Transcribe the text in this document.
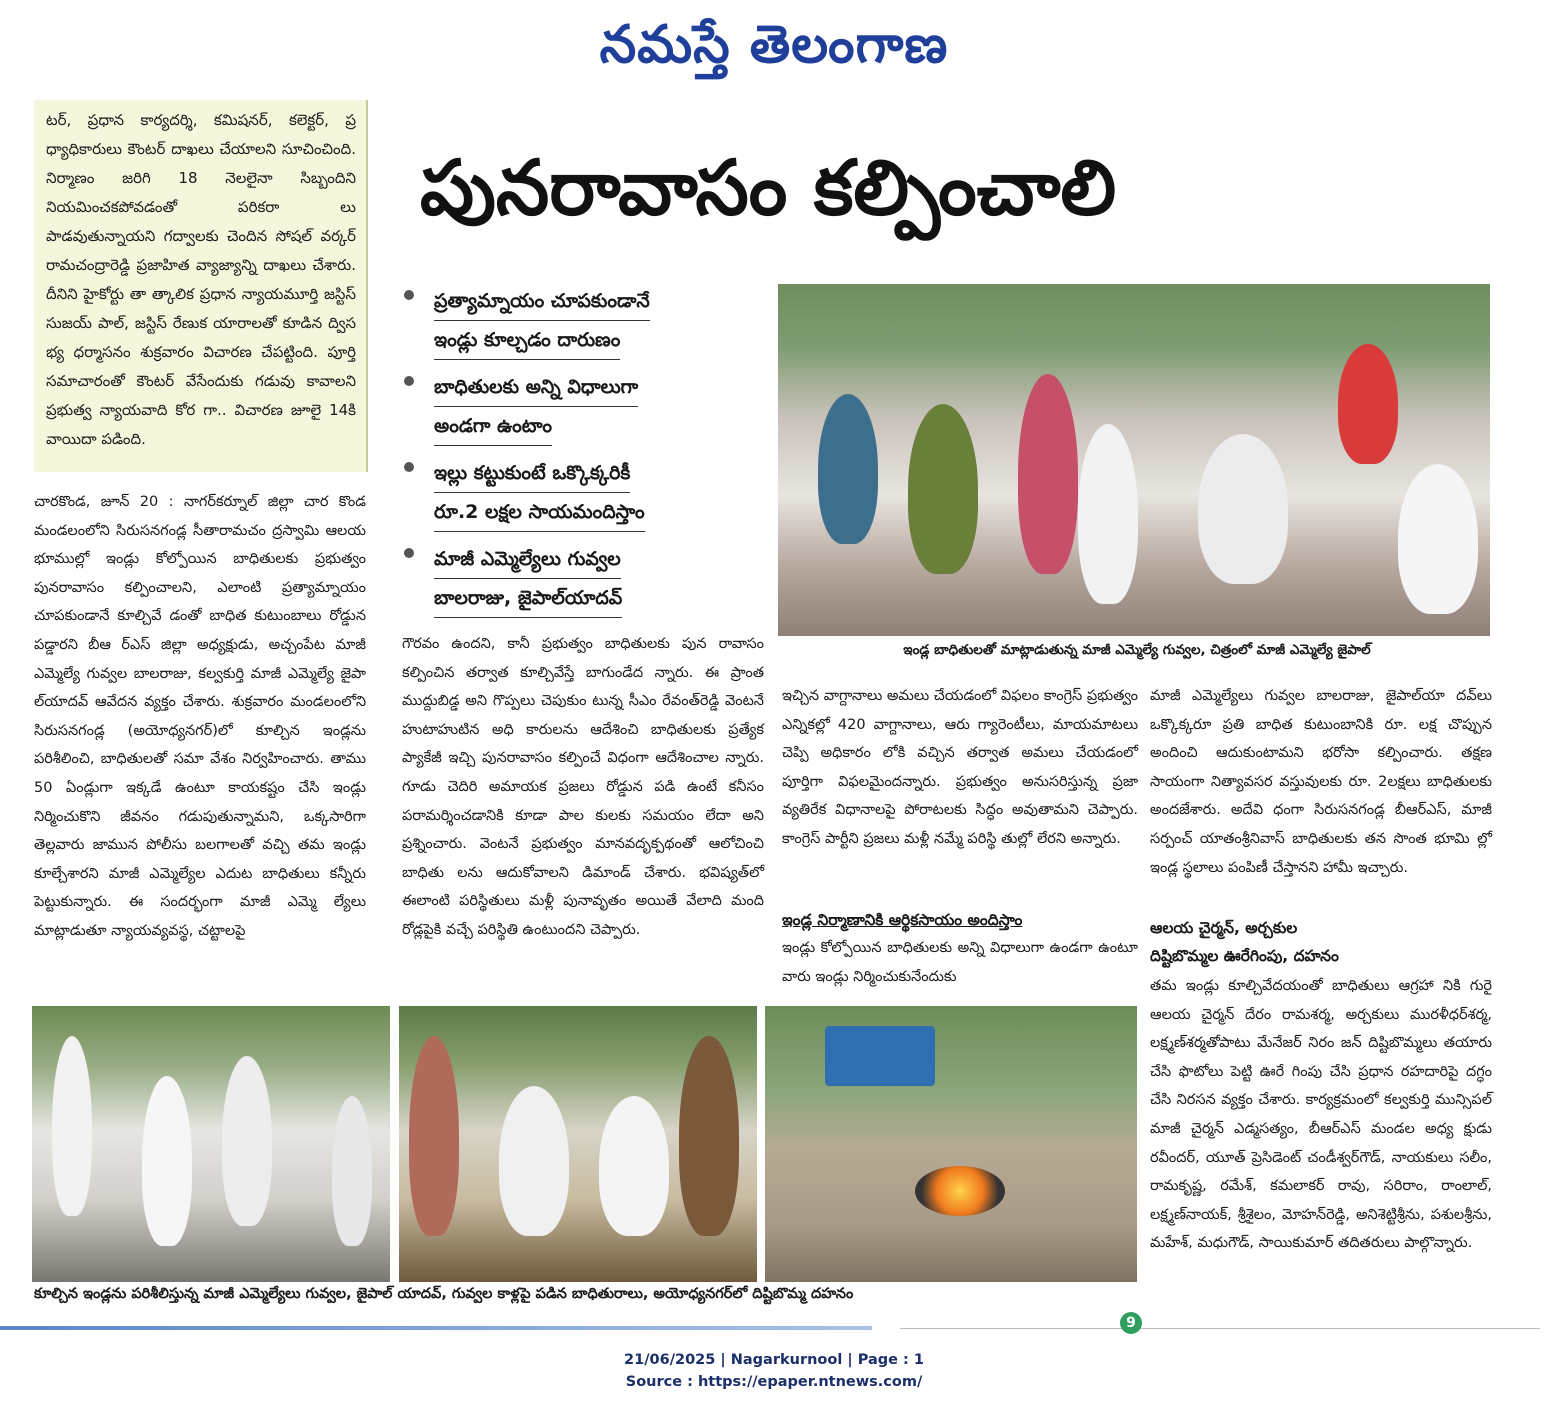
నమస్తే తెలంగాణ

టర్, ప్రధాన కార్యదర్శి, కమిషనర్, కలెక్టర్, ప్ర ధ్యాధికారులు కౌంటర్ దాఖలు చేయాలని సూచించింది. నిర్మాణం జరిగి 18 నెలలైనా సిబ్బందిని నియమించకపోవడంతో పరికరా లు పాడవుతున్నాయని గద్వాలకు చెందిన సోషల్ వర్కర్ రామచంద్రారెడ్డి ప్రజాహిత వ్యాజ్యాన్ని దాఖలు చేశారు. దీనిని హైకోర్టు తా త్కాలిక ప్రధాన న్యాయమూర్తి జస్టిస్ సుజయ్ పాల్, జస్టిస్ రేణుక యారాలతో కూడిన ద్విస భ్య ధర్మాసనం శుక్రవారం విచారణ చేపట్టింది. పూర్తి సమాచారంతో కౌంటర్ వేసేందుకు గడువు కావాలని ప్రభుత్వ న్యాయవాది కోర గా.. విచారణ జూలై 14కి వాయిదా పడింది.

పునరావాసం కల్పించాలి
ప్రత్యామ్నాయం చూపకుండానే
ఇండ్లు కూల్చడం దారుణం
బాధితులకు అన్ని విధాలుగా
అండగా ఉంటాం
ఇల్లు కట్టుకుంటే ఒక్కొక్కరికీ
రూ.2 లక్షల సాయమందిస్తాం
మాజీ ఎమ్మెల్యేలు గువ్వల
బాలరాజు, జైపాల్‌యాదవ్
ఇండ్ల బాధితులతో మాట్లాడుతున్న మాజీ ఎమ్మెల్యే గువ్వల, చిత్రంలో మాజీ ఎమ్మెల్యే జైపాల్

చారకొండ, జూన్ 20 : నాగర్‌కర్నూల్ జిల్లా చార కొండ మండలంలోని సిరుసనగండ్ల సీతారామచం ద్రస్వామి ఆలయ భూముల్లో ఇండ్లు కోల్పోయిన బాధితులకు ప్రభుత్వం పునరావాసం కల్పించాలని, ఎలాంటి ప్రత్యామ్నాయం చూపకుండానే కూల్చివే డంతో బాధిత కుటుంబాలు రోడ్డున పడ్డారని బీఆ ర్ఎస్ జిల్లా అధ్యక్షుడు, అచ్చంపేట మాజీ ఎమ్మెల్యే గువ్వల బాలరాజు, కల్వకుర్తి మాజీ ఎమ్మెల్యే జైపా ల్‌యాదవ్ ఆవేదన వ్యక్తం చేశారు. శుక్రవారం మండలంలోని సిరుసనగండ్ల (అయోధ్యనగర్)లో కూల్చిన ఇండ్లను పరిశీలించి, బాధితులతో సమా వేశం నిర్వహించారు. తాము 50 ఏండ్లుగా ఇక్కడే ఉంటూ కాయకష్టం చేసి ఇండ్లు నిర్మించుకొని జీవనం గడుపుతున్నామని, ఒక్కసారిగా తెల్లవారు జామున పోలీసు బలగాలతో వచ్చి తమ ఇండ్లు కూల్చేశారని మాజీ ఎమ్మెల్యేల ఎదుట బాధితులు కన్నీరు పెట్టుకున్నారు. ఈ సందర్భంగా మాజీ ఎమ్మె ల్యేలు మాట్లాడుతూ న్యాయవ్యవస్థ, చట్టాలపై

గౌరవం ఉందని, కానీ ప్రభుత్వం బాధితులకు పున రావాసం కల్పించిన తర్వాత కూల్చివేస్తే బాగుండేద న్నారు. ఈ ప్రాంత ముద్దుబిడ్డ అని గొప్పలు చెపుకుం టున్న సీఎం రేవంత్‌రెడ్డి వెంటనే హుటాహుటిన అధి కారులను ఆదేశించి బాధితులకు ప్రత్యేక ప్యాకేజీ ఇచ్చి పునరావాసం కల్పించే విధంగా ఆదేశించాల న్నారు. గూడు చెదిరి అమాయక ప్రజలు రోడ్డున పడి ఉంటే కనీసం పరామర్శించడానికి కూడా పాల కులకు సమయం లేదా అని ప్రశ్నించారు. వెంటనే ప్రభుత్వం మానవదృక్పథంతో ఆలోచించి బాధితు లను ఆదుకోవాలని డిమాండ్ చేశారు. భవిష్యత్‌లో ఈలాంటి పరిస్థితులు మళ్లీ పునావృతం అయితే వేలాది మంది రోడ్లపైకి వచ్చే పరిస్థితి ఉంటుందని చెప్పారు.

ఇచ్చిన వాగ్దానాలు అమలు చేయడంలో విఫలం కాంగ్రెస్ ప్రభుత్వం ఎన్నికల్లో 420 వాగ్దానాలు, ఆరు గ్యారెంటీలు, మాయమాటలు చెప్పి అధికారం లోకి వచ్చిన తర్వాత అమలు చేయడంలో పూర్తిగా విఫలమైందన్నారు. ప్రభుత్వం అనుసరిస్తున్న ప్రజా వ్యతిరేక విధానాలపై పోరాటలకు సిద్ధం అవుతామని చెప్పారు. కాంగ్రెస్ పార్టీని ప్రజలు మళ్లీ నమ్మే పరిస్థి తుల్లో లేరని అన్నారు.

ఇండ్ల నిర్మాణానికి ఆర్థికసాయం అందిస్తాం

ఇండ్లు కోల్పోయిన బాధితులకు అన్ని విధాలుగా ఉండగా ఉంటూ వారు ఇండ్లు నిర్మించుకునేందుకు

మాజీ ఎమ్మెల్యేలు గువ్వల బాలరాజు, జైపాల్‌యా దవ్‌లు ఒక్కొక్కరూ ప్రతి బాధిత కుటుంబానికి రూ. లక్ష చొప్పున అందించి ఆదుకుంటామని భరోసా కల్పించారు. తక్షణ సాయంగా నిత్యావసర వస్తువులకు రూ. 2లక్షలు బాధితులకు అందజేశారు. అదేవి ధంగా సిరుసనగండ్ల బీఆర్ఎస్, మాజీ సర్పంచ్ యాతంశ్రీనివాస్ బాధితులకు తన సొంత భూమి ల్లో ఇండ్ల స్థలాలు పంపిణీ చేస్తానని హామీ ఇచ్చారు.

ఆలయ చైర్మన్, అర్చకుల
దిష్టిబొమ్మల ఊరేగింపు, దహనం

తమ ఇండ్లు కూల్చివేదయంతో బాధితులు ఆగ్రహా నికి గురై ఆలయ చైర్మన్ దేరం రామశర్మ, అర్చకులు మురళీధర్‌శర్మ, లక్ష్మణ్‌శర్మతోపాటు మేనేజర్ నిరం జన్ దిష్టిబొమ్మలు తయారు చేసి ఫొటోలు పెట్టి ఊరే గింపు చేసి ప్రధాన రహదారిపై దగ్ధం చేసి నిరసన వ్యక్తం చేశారు. కార్యక్రమంలో కల్వకుర్తి మున్సిపల్ మాజీ చైర్మన్ ఎడ్మసత్యం, బీఆర్ఎస్ మండల అధ్య క్షుడు రవీందర్, యూత్ ప్రెసిడెంట్ చండీశ్వర్‌గౌడ్, నాయకులు సలీం, రామకృష్ణ, రమేశ్, కమలాకర్ రావు, సరిరాం, రాంలాల్, లక్ష్మణ్‌నాయక్, శ్రీశైలం, మోహన్‌రెడ్డి, అనిశెట్టిశ్రీను, పశులశ్రీను, మహేశ్, మధుగౌడ్, సాయికుమార్ తదితరులు పాల్గొన్నారు.

కూల్చిన ఇండ్లను పరిశీలిస్తున్న మాజీ ఎమ్మెల్యేలు గువ్వల, జైపాల్ యాదవ్, గువ్వల కాళ్లపై పడిన బాధితురాలు, అయోధ్యనగర్‌లో దిష్టిబొమ్మ దహనం
9
21/06/2025 | Nagarkurnool | Page : 1
Source : https://epaper.ntnews.com/
